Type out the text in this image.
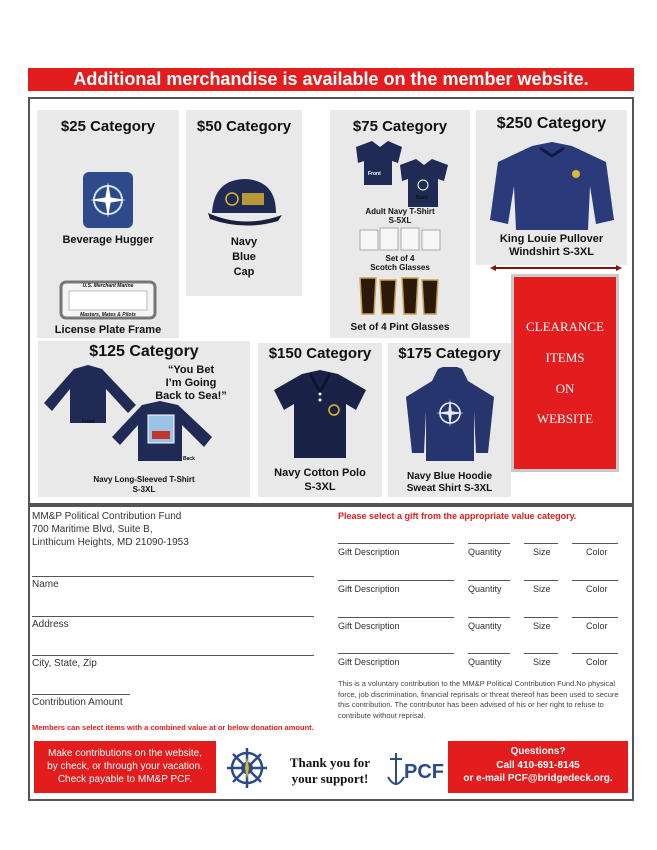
Additional merchandise is available on the member website.
$25 Category
Beverage Hugger
U.S. Merchant Marine
Masters, Mates & Pilots
License Plate Frame
$50 Category
Navy
Blue
Cap
$75 Category
Front
Back
Adult Navy T-Shirt
S-5XL
Set of 4
Scotch Glasses
Set of 4 Pint Glasses
$250 Category
King Louie Pullover
Windshirt S-3XL
$125 Category
“You Bet
I’m Going
Back to Sea!”
Front
Back
Navy Long-Sleeved T-Shirt
S-3XL
$150 Category
Navy Cotton Polo
S-3XL
$175 Category
Navy Blue Hoodie
Sweat Shirt S-3XL
CLEARANCE
ITEMS
ON
WEBSITE
MM&P Political Contribution Fund
700 Maritime Blvd, Suite B,
Linthicum Heights, MD 21090-1953
Name
Address
City, State, Zip
Contribution Amount
Please select a gift from the appropriate value category.
Gift Description	Quantity	Size	Color
Gift Description	Quantity	Size	Color
Gift Description	Quantity	Size	Color
Gift Description	Quantity	Size	Color
This is a voluntary contribution to the MM&P Political Contribution Fund.No physical force, job discrimination, financial reprisals or threat thereof has been used to secure this contribution. The contributor has been advised of his or her right to refuse to contribute without reprisal.
Members can select items with a combined value at or below donation amount.
Make contributions on the website,
by check, or through your vacation.
Check payable to MM&P PCF.
Thank you for
your support!	PCF
Questions?
Call 410-691-8145
or e-mail PCF@bridgedeck.org.
